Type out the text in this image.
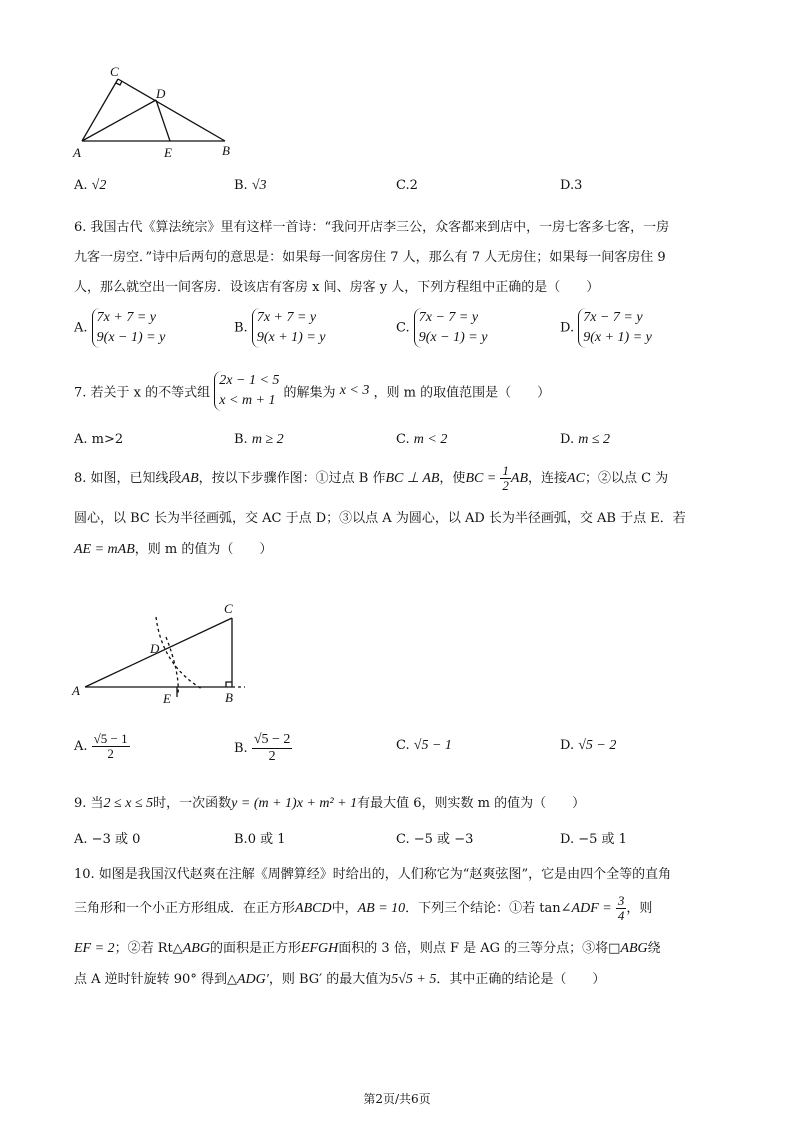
C
D
A	E	B
A. √2	B. √3	C.2	D.3
6. 我国古代《算法统宗》里有这样一首诗：“我问开店李三公，众客都来到店中，一房七客多七客，一房
九客一房空．”诗中后两句的意思是：如果每一间客房住 7 人，那么有 7 人无房住；如果每一间客房住 9
人，那么就空出一间客房．设该店有客房 x 间、房客 y 人，下列方程组中正确的是（　　）
A.
7x + 7 = y
9(x − 1) = y
B.
7x + 7 = y
9(x + 1) = y
C.
7x − 7 = y
9(x − 1) = y
D.
7x − 7 = y
9(x + 1) = y
7. 若关于 x 的不等式组
2x − 1 < 5
x < m + 1 的解集为 x < 3 ，则 m 的取值范围是（　　）
A. m>2	B. m ≥ 2	C. m < 2	D. m ≤ 2
8. 如图，已知线段AB，按以下步骤作图：①过点 B 作BC ⊥ AB，使BC = $\frac{1}{2}$ AB，连接AC；②以点 C 为
圆心，以 BC 长为半径画弧，交 AC 于点 D；③以点 A 为圆心，以 AD 长为半径画弧，交 AB 于点 E．若
AE = mAB，则 m 的值为（　　）
C
D
A
E	B
A. $\frac{√5 - 1}{2}$	B. $\frac{√5 - 2}{2}$	C. √5 − 1	D. √5 − 2
9. 当2 ≤ x ≤ 5时，一次函数y = (m + 1)x + m² + 1有最大值 6，则实数 m 的值为（　　）
A. −3 或 0	B.0 或 1	C. −5 或 −3	D. −5 或 1
10. 如图是我国汉代赵爽在注解《周髀算经》时给出的，人们称它为“赵爽弦图”，它是由四个全等的直角
三角形和一个小正方形组成．在正方形ABCD中，AB = 10．下列三个结论：①若 tan∠ADF = $\frac{3}{4}$ ，则
EF = 2；②若 Rt△ABG的面积是正方形EFGH面积的 3 倍，则点 F 是 AG 的三等分点；③将□ABG绕
点 A 逆时针旋转 90° 得到△ADG′，则 BG′ 的最大值为5√5 + 5．其中正确的结论是（　　）
第2页/共6页
